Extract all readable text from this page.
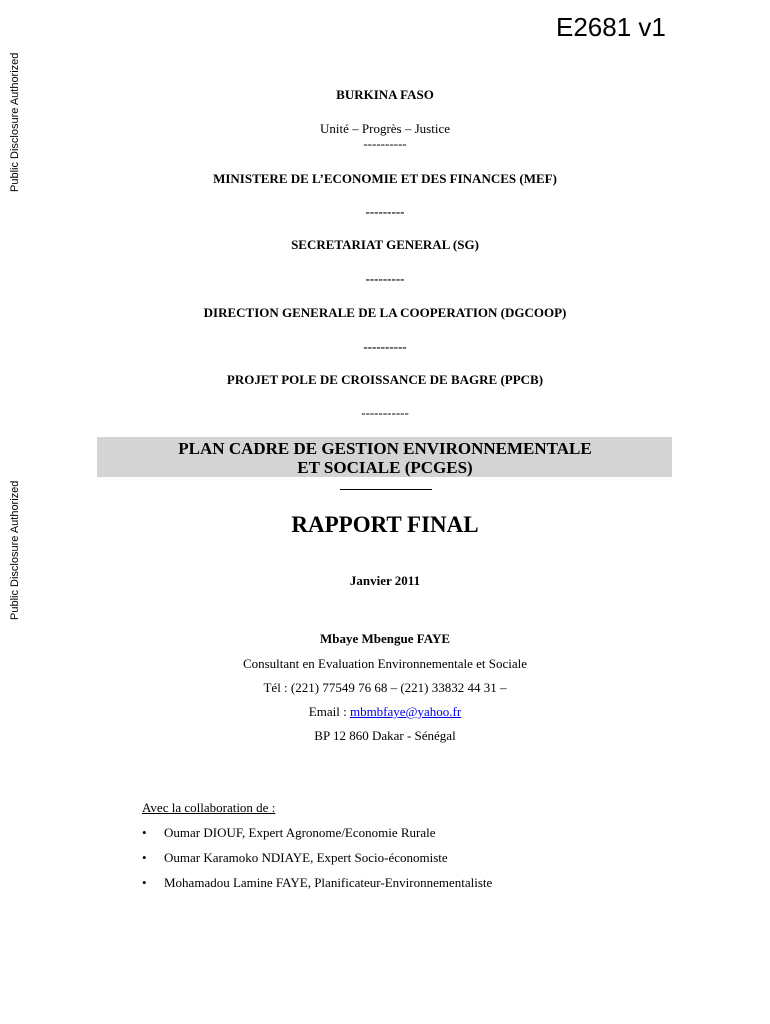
Public Disclosure Authorized
Public Disclosure Authorized
E2681 v1
BURKINA FASO
Unité – Progrès – Justice
----------
MINISTERE DE L’ECONOMIE ET DES FINANCES (MEF)
---------
SECRETARIAT GENERAL (SG)
---------
DIRECTION GENERALE DE LA COOPERATION (DGCOOP)
----------
PROJET POLE DE CROISSANCE DE BAGRE (PPCB)
-----------
PLAN CADRE DE GESTION ENVIRONNEMENTALE
ET SOCIALE (PCGES)
RAPPORT FINAL
Janvier 2011
Mbaye Mbengue FAYE
Consultant en Evaluation Environnementale et Sociale
Tél : (221) 77549 76 68 – (221) 33832 44 31 –
Email : mbmbfaye@yahoo.fr
BP 12 860 Dakar - Sénégal
Avec la collaboration de :
• Oumar DIOUF, Expert Agronome/Economie Rurale
• Oumar Karamoko NDIAYE, Expert Socio-économiste
• Mohamadou Lamine FAYE, Planificateur-Environnementaliste
